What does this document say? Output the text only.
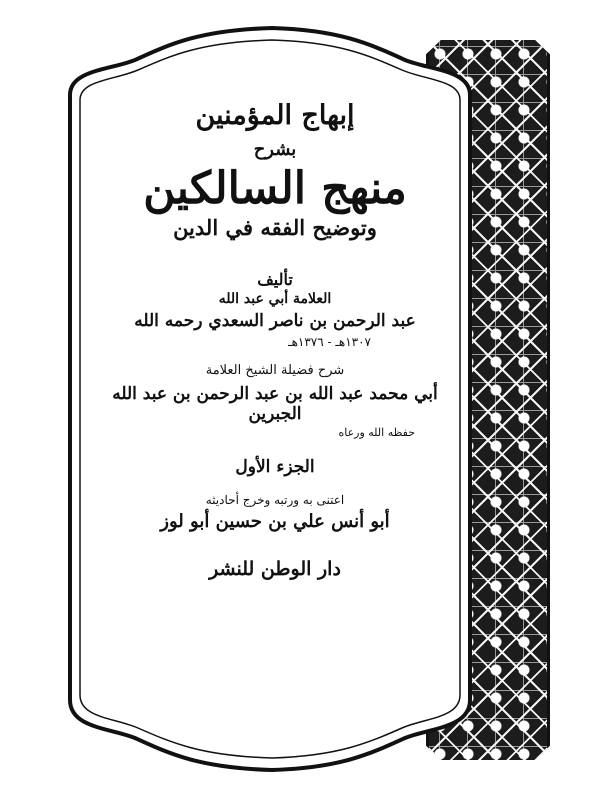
إبهاج المؤمنين
بشرح
منهج السالكين
وتوضيح الفقه في الدين
تأليف
العلامة أبي عبد الله
عبد الرحمن بن ناصر السعدي رحمه الله
١٣٠٧هـ - ١٣٧٦هـ
شرح فضيلة الشيخ العلامة
أبي محمد عبد الله بن عبد الرحمن بن عبد الله الجبرين
حفظه الله ورعاه
الجزء الأول
اعتنى به ورتبه وخرج أحاديثه
أبو أنس علي بن حسين أبو لوز
دار الوطن للنشر
